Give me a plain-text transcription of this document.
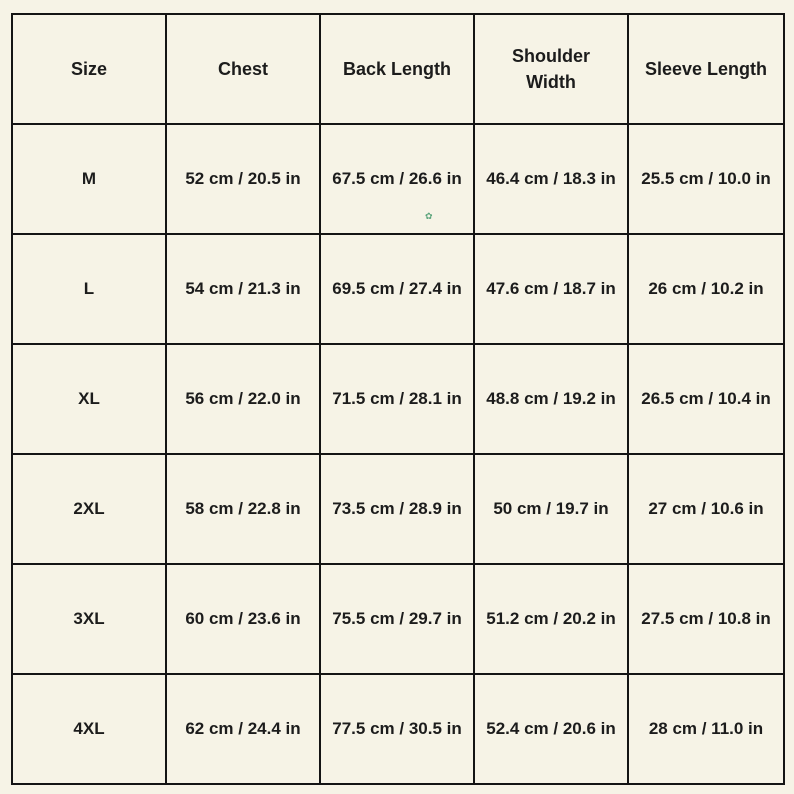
Size	Chest	Back Length	Shoulder Width	Sleeve Length
M	52 cm / 20.5 in	67.5 cm / 26.6 in	46.4 cm / 18.3 in	25.5 cm / 10.0 in
L	54 cm / 21.3 in	69.5 cm / 27.4 in	47.6 cm / 18.7 in	26 cm / 10.2 in
XL	56 cm / 22.0 in	71.5 cm / 28.1 in	48.8 cm / 19.2 in	26.5 cm / 10.4 in
2XL	58 cm / 22.8 in	73.5 cm / 28.9 in	50 cm / 19.7 in	27 cm / 10.6 in
3XL	60 cm / 23.6 in	75.5 cm / 29.7 in	51.2 cm / 20.2 in	27.5 cm / 10.8 in
4XL	62 cm / 24.4 in	77.5 cm / 30.5 in	52.4 cm / 20.6 in	28 cm / 11.0 in
✿
